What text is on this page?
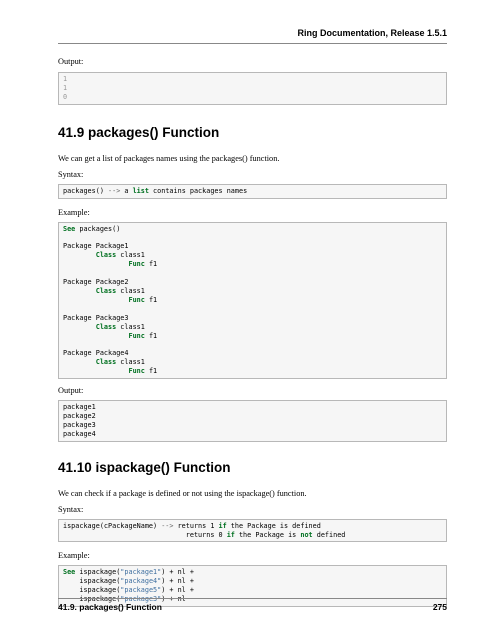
Ring Documentation, Release 1.5.1

Output:

1
1
0
41.9 packages() Function

We can get a list of packages names using the packages() function.

Syntax:

packages() --> a list contains packages names

Example:

See packages()

Package Package1
Class class1
Func f1

Package Package2
Class class1
Func f1

Package Package3
Class class1
Func f1

Package Package4
Class class1
Func f1

Output:

package1
package2
package3
package4
41.10 ispackage() Function

We can check if a package is defined or not using the ispackage() function.

Syntax:

ispackage(cPackageName) --> returns 1 if the Package is defined
returns 0 if the Package is not defined

Example:

See ispackage("package1") + nl +
ispackage("package4") + nl +
ispackage("package5") + nl +
ispackage("package3") + nl
41.9. packages() Function	275
